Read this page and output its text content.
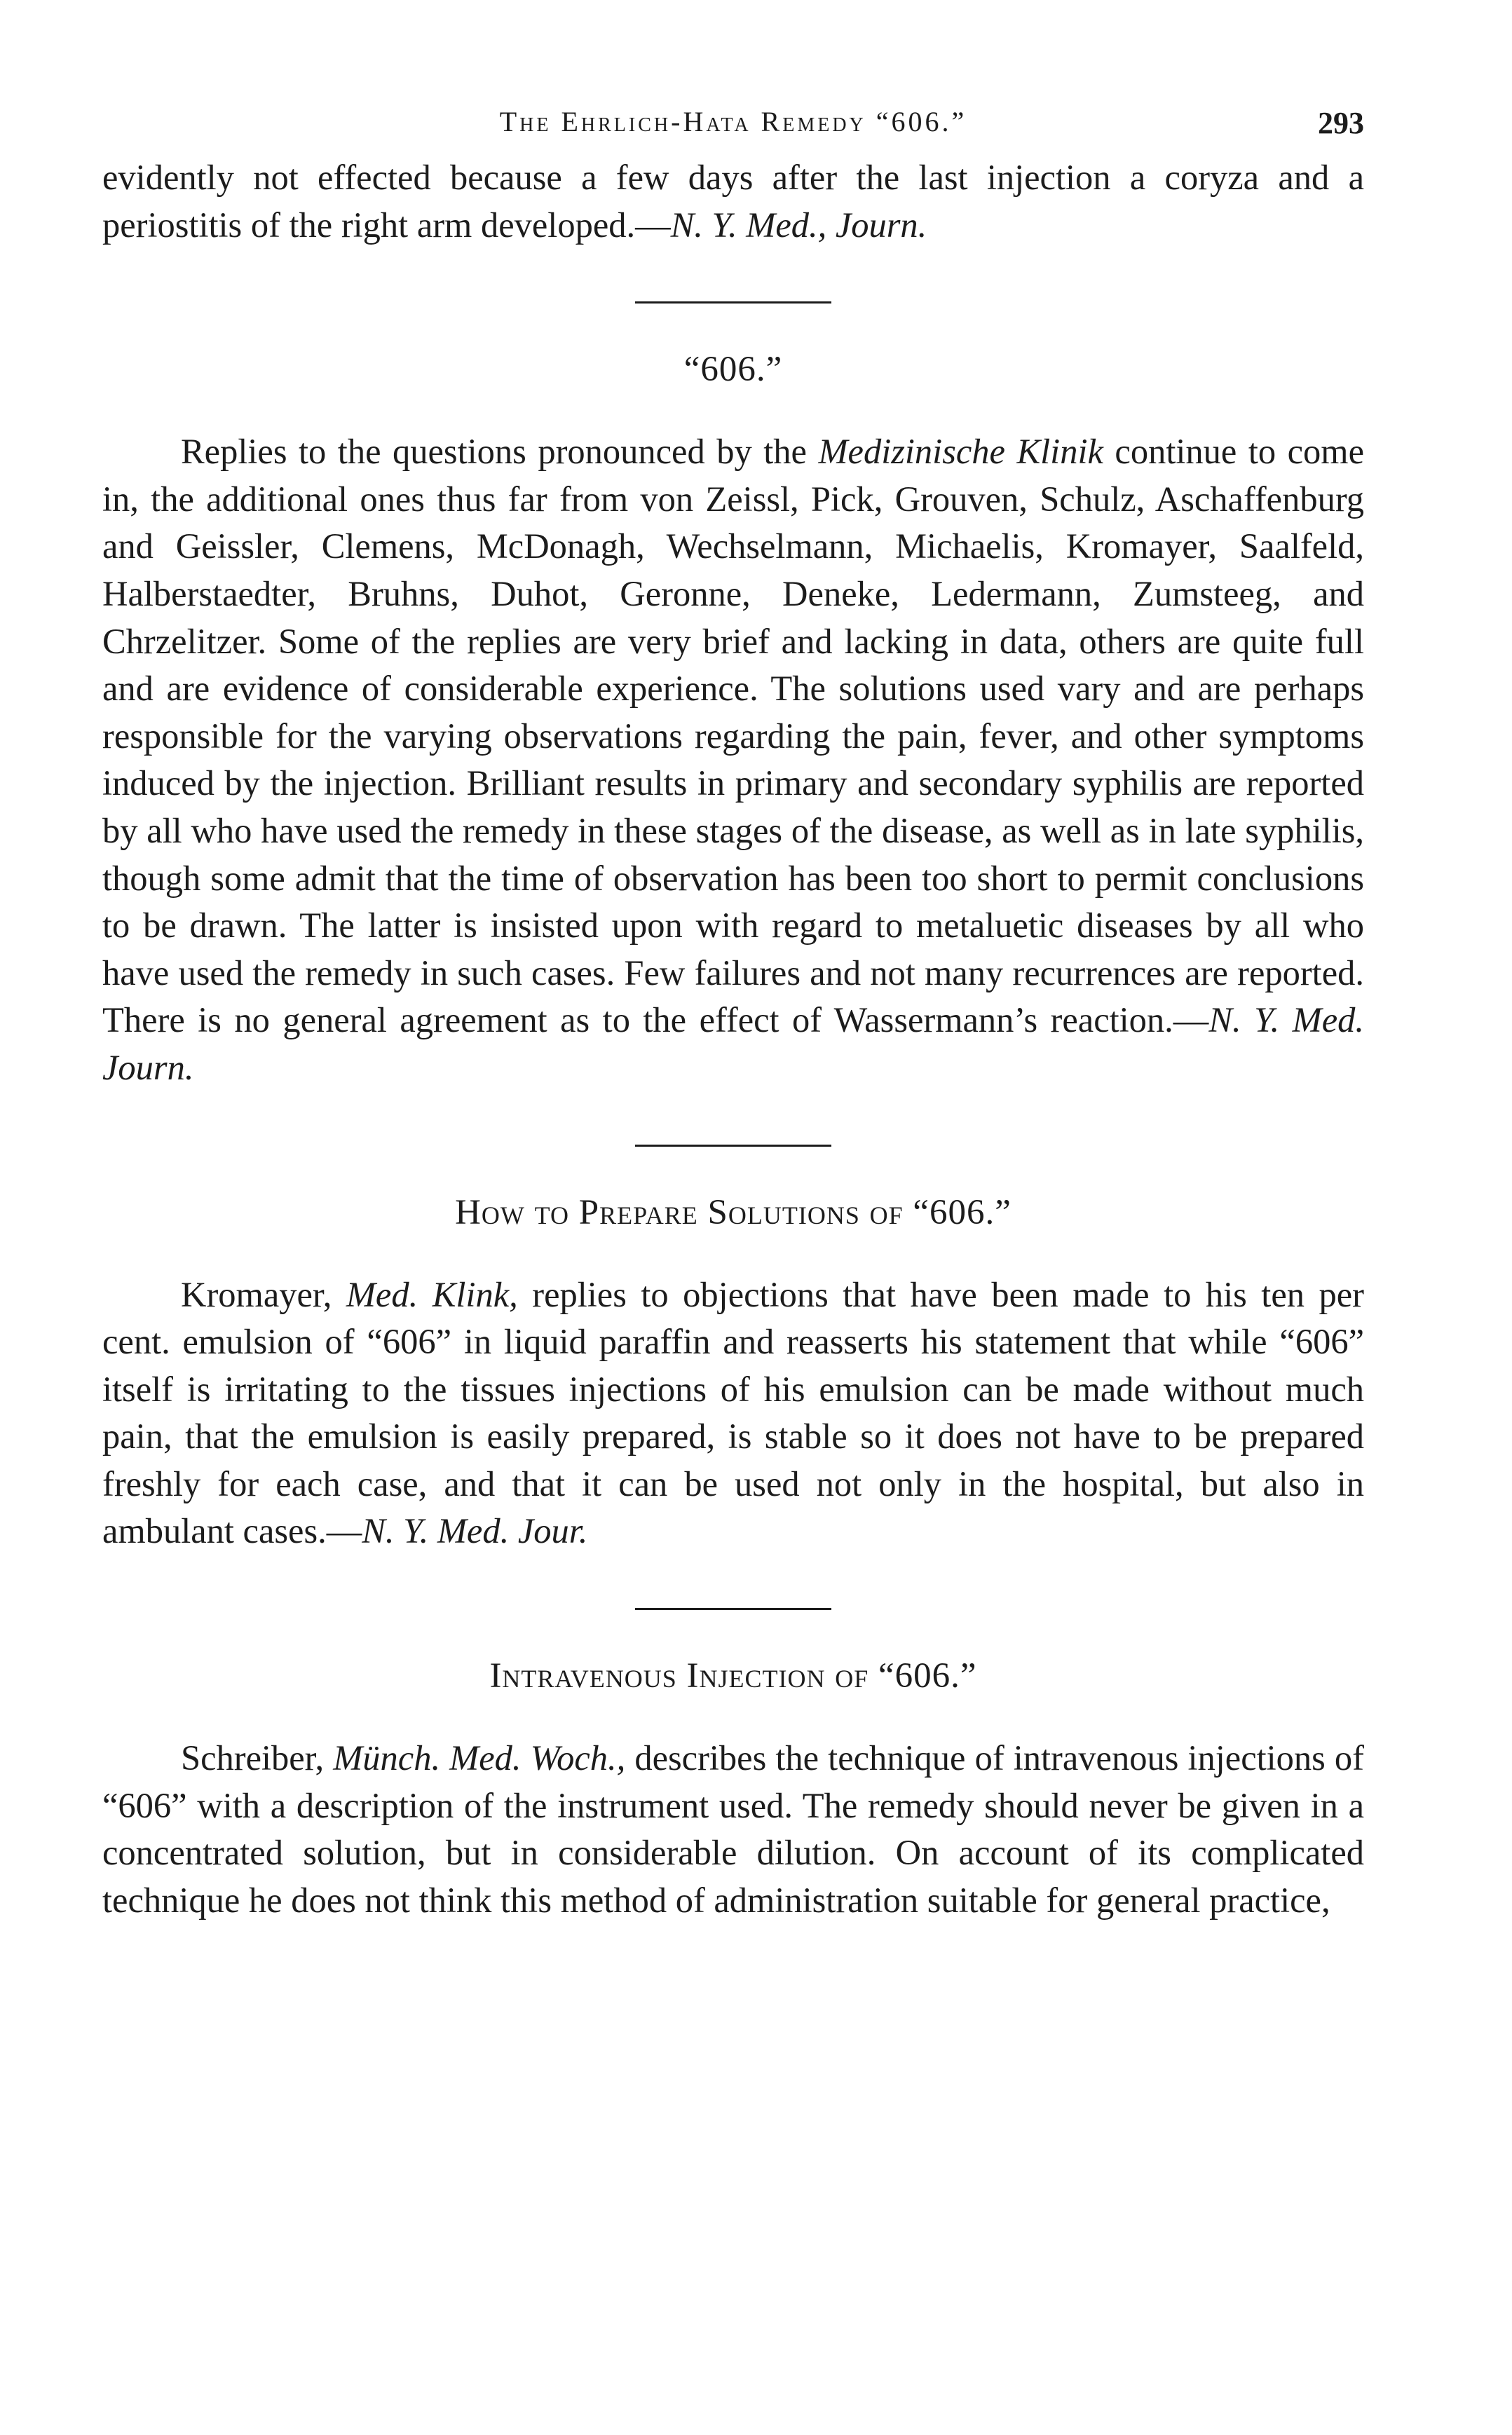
The Ehrlich-Hata Remedy “606.”	293

evidently not effected because a few days after the last injection a coryza and a periostitis of the right arm developed.—N. Y. Med., Journ.

“606.”

Replies to the questions pronounced by the Medizinische Klinik continue to come in, the additional ones thus far from von Zeissl, Pick, Grouven, Schulz, Aschaffenburg and Geissler, Clemens, McDonagh, Wechselmann, Michaelis, Kromayer, Saalfeld, Halberstaedter, Bruhns, Duhot, Geronne, Deneke, Ledermann, Zumsteeg, and Chrzelitzer. Some of the replies are very brief and lacking in data, others are quite full and are evidence of considerable experience. The solutions used vary and are perhaps responsible for the varying observations regarding the pain, fever, and other symptoms induced by the injection. Brilliant results in primary and secondary syphilis are reported by all who have used the remedy in these stages of the disease, as well as in late syphilis, though some admit that the time of observation has been too short to permit conclusions to be drawn. The latter is insisted upon with regard to metaluetic diseases by all who have used the remedy in such cases. Few failures and not many recurrences are reported. There is no general agreement as to the effect of Wassermann’s reaction.—N. Y. Med. Journ.

How to Prepare Solutions of “606.”

Kromayer, Med. Klink, replies to objections that have been made to his ten per cent. emulsion of “606” in liquid paraffin and reasserts his statement that while “606” itself is irritating to the tissues injections of his emulsion can be made without much pain, that the emulsion is easily prepared, is stable so it does not have to be prepared freshly for each case, and that it can be used not only in the hospital, but also in ambulant cases.—N. Y. Med. Jour.

Intravenous Injection of “606.”

Schreiber, Münch. Med. Woch., describes the technique of intravenous injections of “606” with a description of the instrument used. The remedy should never be given in a concentrated solution, but in considerable dilution. On account of its complicated technique he does not think this method of administration suitable for general practice,
